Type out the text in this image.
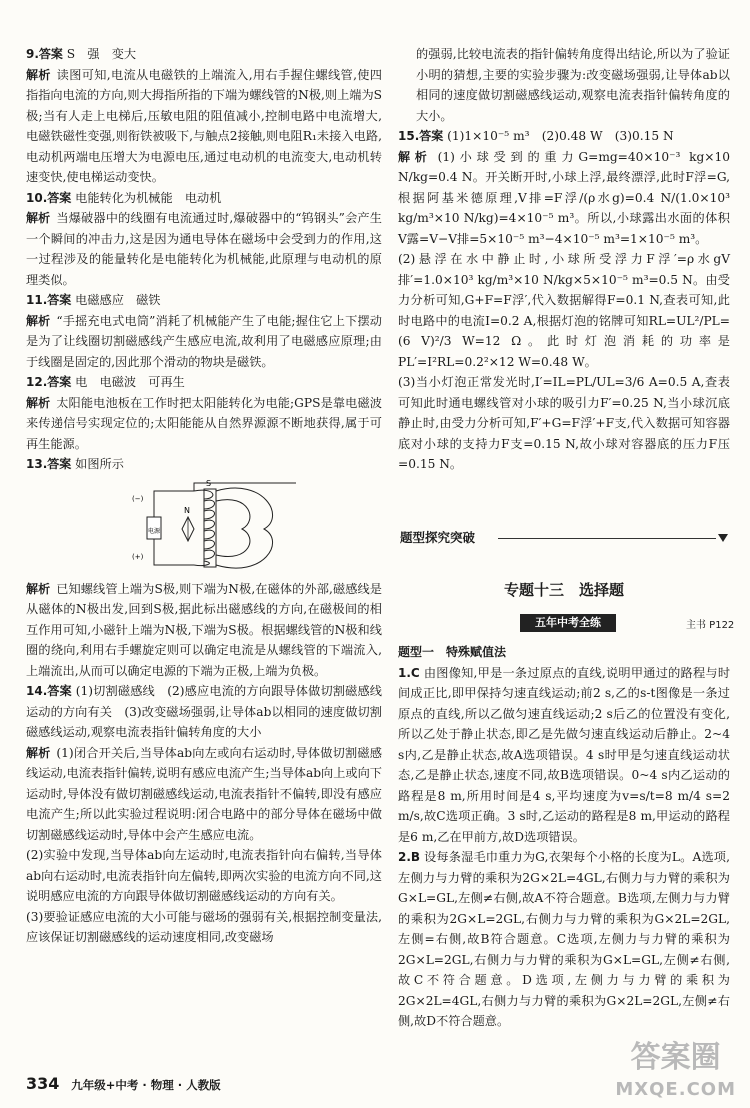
9.答案 S　强　变大
解析 读图可知,电流从电磁铁的上端流入,用右手握住螺线管,使四指指向电流的方向,则大拇指所指的下端为螺线管的N极,则上端为S极;当有人走上电梯后,压敏电阻的阻值减小,控制电路中电流增大,电磁铁磁性变强,则衔铁被吸下,与触点2接触,则电阻R₁未接入电路,电动机两端电压增大为电源电压,通过电动机的电流变大,电动机转速变快,使电梯运动变快。
10.答案 电能转化为机械能　电动机
解析 当爆破器中的线圈有电流通过时,爆破器中的“钨钢头”会产生一个瞬间的冲击力,这是因为通电导体在磁场中会受到力的作用,这一过程涉及的能量转化是电能转化为机械能,此原理与电动机的原理类似。
11.答案 电磁感应　磁铁
解析 “手摇充电式电筒”消耗了机械能产生了电能;握住它上下摆动是为了让线圈切割磁感线产生感应电流,故利用了电磁感应原理;由于线圈是固定的,因此那个滑动的物块是磁铁。
12.答案 电　电磁波　可再生
解析 太阳能电池板在工作时把太阳能转化为电能;GPS是靠电磁波来传递信号实现定位的;太阳能能从自然界源源不断地获得,属于可再生能源。
13.答案 如图所示
电源
(−)
(+)
N
S
解析 已知螺线管上端为S极,则下端为N极,在磁体的外部,磁感线是从磁体的N极出发,回到S极,据此标出磁感线的方向,在磁极间的相互作用可知,小磁针上端为N极,下端为S极。根据螺线管的N极和线圈的绕向,利用右手螺旋定则可以确定电流是从螺线管的下端流入,上端流出,从而可以确定电源的下端为正极,上端为负极。
14.答案 (1)切割磁感线　(2)感应电流的方向跟导体做切割磁感线运动的方向有关　(3)改变磁场强弱,让导体ab以相同的速度做切割磁感线运动,观察电流表指针偏转角度的大小
解析 (1)闭合开关后,当导体ab向左或向右运动时,导体做切割磁感线运动,电流表指针偏转,说明有感应电流产生;当导体ab向上或向下运动时,导体没有做切割磁感线运动,电流表指针不偏转,即没有感应电流产生;所以此实验过程说明:闭合电路中的部分导体在磁场中做切割磁感线运动时,导体中会产生感应电流。
(2)实验中发现,当导体ab向左运动时,电流表指针向右偏转,当导体ab向右运动时,电流表指针向左偏转,即两次实验的电流方向不同,这说明感应电流的方向跟导体做切割磁感线运动的方向有关。
(3)要验证感应电流的大小可能与磁场的强弱有关,根据控制变量法,应该保证切割磁感线的运动速度相同,改变磁场
的强弱,比较电流表的指针偏转角度得出结论,所以为了验证小明的猜想,主要的实验步骤为:改变磁场强弱,让导体ab以相同的速度做切割磁感线运动,观察电流表指针偏转角度的大小。
15.答案 (1)1×10⁻⁵ m³　(2)0.48 W　(3)0.15 N
解析 (1)小球受到的重力G=mg=40×10⁻³ kg×10 N/kg=0.4 N。开关断开时,小球上浮,最终漂浮,此时F浮=G,根据阿基米德原理,V排=F浮/(ρ水g)=0.4 N/(1.0×10³ kg/m³×10 N/kg)=4×10⁻⁵ m³。所以,小球露出水面的体积V露=V−V排=5×10⁻⁵ m³−4×10⁻⁵ m³=1×10⁻⁵ m³。
(2)悬浮在水中静止时,小球所受浮力F浮′=ρ水gV排′=1.0×10³ kg/m³×10 N/kg×5×10⁻⁵ m³=0.5 N。由受力分析可知,G+F=F浮′,代入数据解得F=0.1 N,查表可知,此时电路中的电流I=0.2 A,根据灯泡的铭牌可知RL=UL²/PL=(6 V)²/3 W=12 Ω。此时灯泡消耗的功率是PL′=I²RL=0.2²×12 W=0.48 W。
(3)当小灯泡正常发光时,I′=IL=PL/UL=3/6 A=0.5 A,查表可知此时通电螺线管对小球的吸引力F′=0.25 N,当小球沉底静止时,由受力分析可知,F′+G=F浮′+F支,代入数据可知容器底对小球的支持力F支=0.15 N,故小球对容器底的压力F压=0.15 N。
题型探究突破
专题十三　选择题
五年中考全练	主书 P122
题型一　特殊赋值法
1.C 由图像知,甲是一条过原点的直线,说明甲通过的路程与时间成正比,即甲保持匀速直线运动;前2 s,乙的s-t图像是一条过原点的直线,所以乙做匀速直线运动;2 s后乙的位置没有变化,所以乙处于静止状态,即乙是先做匀速直线运动后静止。2~4 s内,乙是静止状态,故A选项错误。4 s时甲是匀速直线运动状态,乙是静止状态,速度不同,故B选项错误。0~4 s内乙运动的路程是8 m,所用时间是4 s,平均速度为v=s/t=8 m/4 s=2 m/s,故C选项正确。3 s时,乙运动的路程是8 m,甲运动的路程是6 m,乙在甲前方,故D选项错误。
2.B 设每条湿毛巾重力为G,衣架每个小格的长度为L。A选项,左侧力与力臂的乘积为2G×2L=4GL,右侧力与力臂的乘积为G×L=GL,左侧≠右侧,故A不符合题意。B选项,左侧力与力臂的乘积为2G×L=2GL,右侧力与力臂的乘积为G×2L=2GL,左侧=右侧,故B符合题意。C选项,左侧力与力臂的乘积为2G×L=2GL,右侧力与力臂的乘积为G×L=GL,左侧≠右侧,故C不符合题意。D选项,左侧力与力臂的乘积为2G×2L=4GL,右侧力与力臂的乘积为G×2L=2GL,左侧≠右侧,故D不符合题意。
334 九年级+中考 · 物理 · 人教版
答案圈
MXQE.COM
